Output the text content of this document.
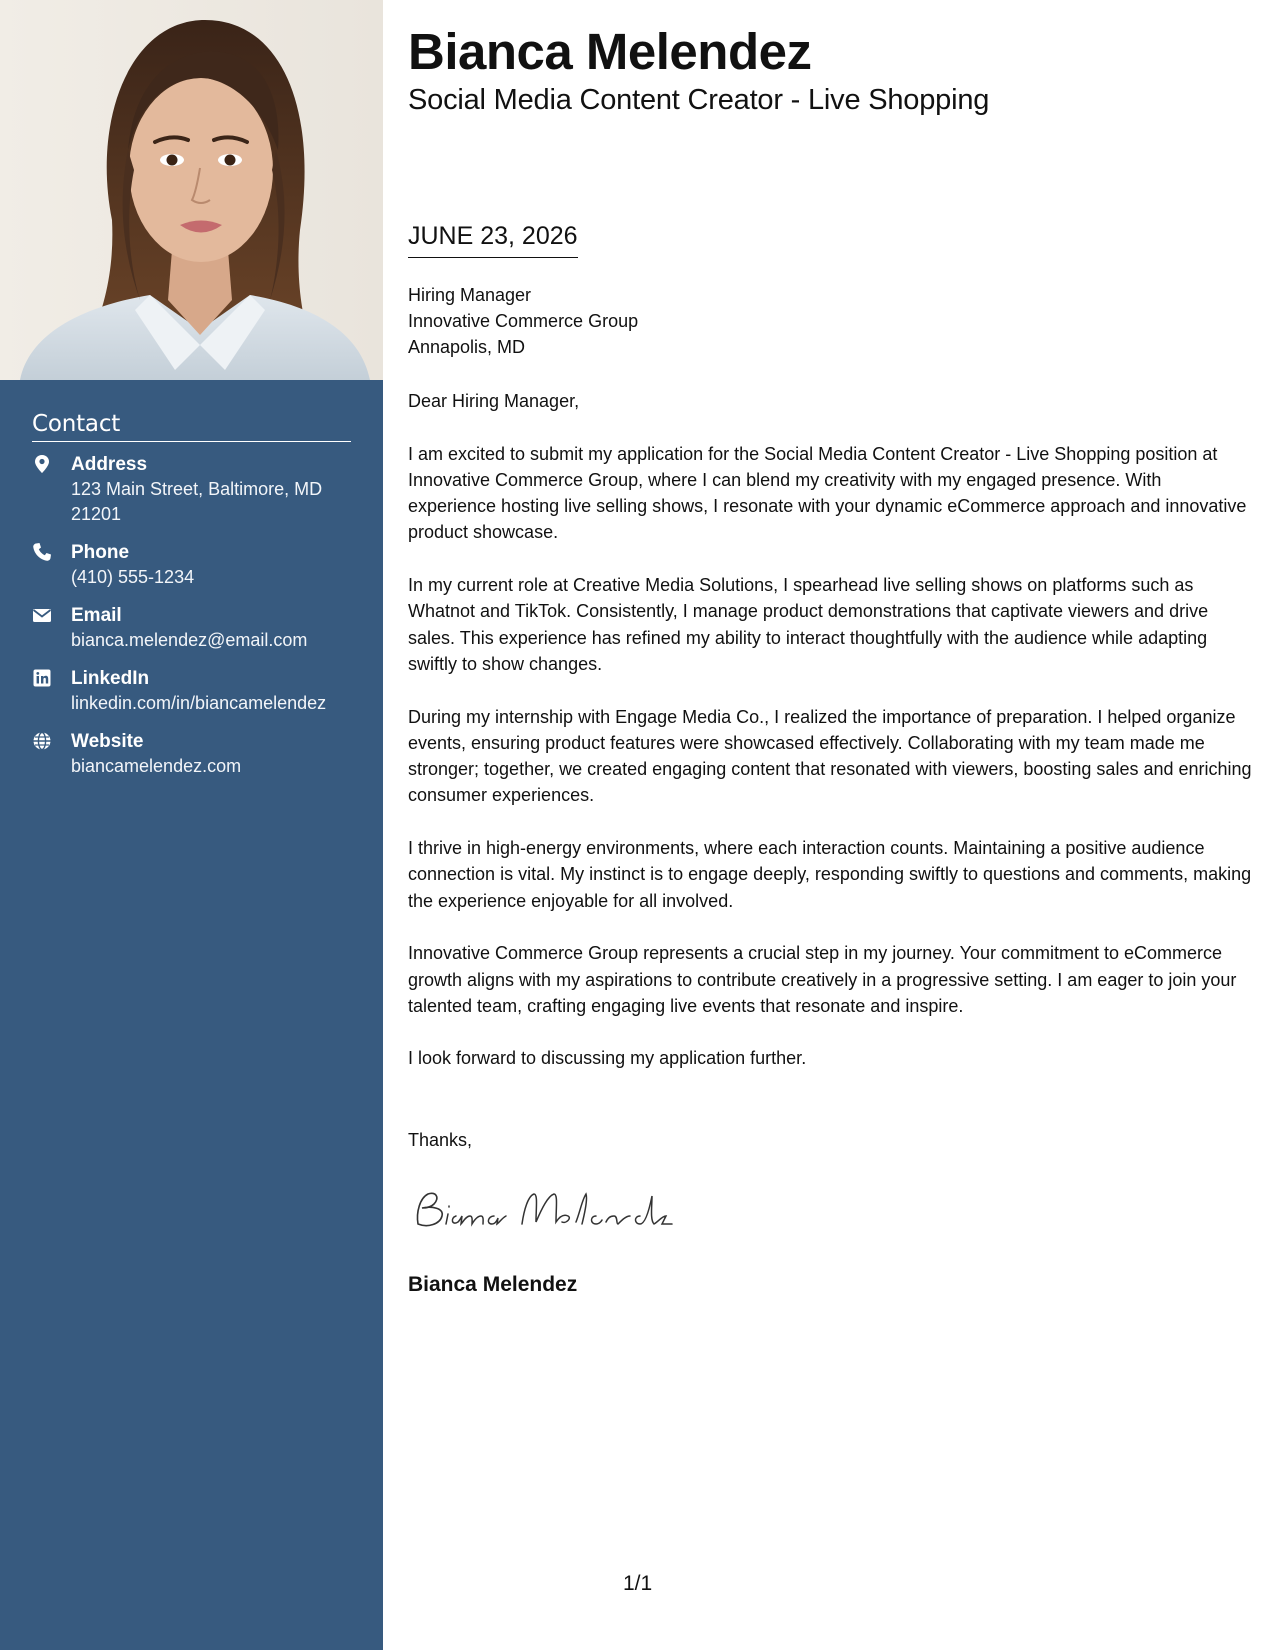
Contact
Address
123 Main Street, Baltimore, MD 21201
Phone
(410) 555-1234
Email
bianca.melendez@email.com
LinkedIn
linkedin.com/in/biancamelendez
Website
biancamelendez.com
Bianca Melendez
Social Media Content Creator - Live Shopping
JUNE 23, 2026
Hiring Manager
Innovative Commerce Group
Annapolis, MD

Dear Hiring Manager,

I am excited to submit my application for the Social Media Content Creator - Live Shopping position at Innovative Commerce Group, where I can blend my creativity with my engaged presence. With experience hosting live selling shows, I resonate with your dynamic eCommerce approach and innovative product showcase.

In my current role at Creative Media Solutions, I spearhead live selling shows on platforms such as Whatnot and TikTok. Consistently, I manage product demonstrations that captivate viewers and drive sales. This experience has refined my ability to interact thoughtfully with the audience while adapting swiftly to show changes.

During my internship with Engage Media Co., I realized the importance of preparation. I helped organize events, ensuring product features were showcased effectively. Collaborating with my team made me stronger; together, we created engaging content that resonated with viewers, boosting sales and enriching consumer experiences.

I thrive in high-energy environments, where each interaction counts. Maintaining a positive audience connection is vital. My instinct is to engage deeply, responding swiftly to questions and comments, making the experience enjoyable for all involved.

Innovative Commerce Group represents a crucial step in my journey. Your commitment to eCommerce growth aligns with my aspirations to contribute creatively in a progressive setting. I am eager to join your talented team, crafting engaging live events that resonate and inspire.

I look forward to discussing my application further.

Thanks,
Bianca Melendez
1/1
